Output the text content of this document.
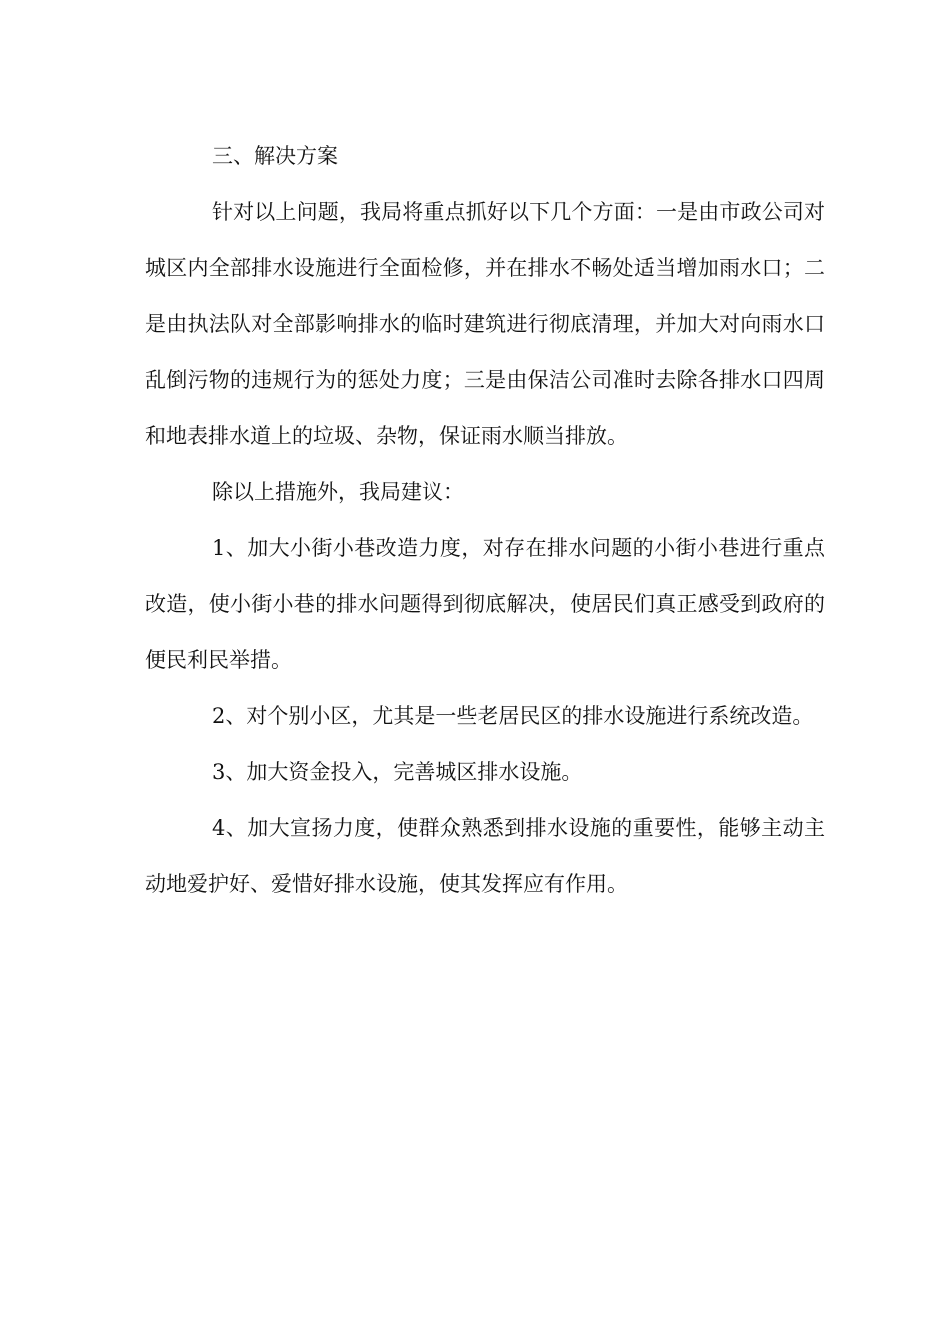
三、解决方案

针对以上问题，我局将重点抓好以下几个方面：一是由市政公司对城区内全部排水设施进行全面检修，并在排水不畅处适当增加雨水口；二是由执法队对全部影响排水的临时建筑进行彻底清理，并加大对向雨水口乱倒污物的违规行为的惩处力度；三是由保洁公司准时去除各排水口四周和地表排水道上的垃圾、杂物，保证雨水顺当排放。

除以上措施外，我局建议：

1、加大小街小巷改造力度，对存在排水问题的小街小巷进行重点改造，使小街小巷的排水问题得到彻底解决，使居民们真正感受到政府的便民利民举措。

2、对个别小区，尤其是一些老居民区的排水设施进行系统改造。

3、加大资金投入，完善城区排水设施。

4、加大宣扬力度，使群众熟悉到排水设施的重要性，能够主动主动地爱护好、爱惜好排水设施，使其发挥应有作用。
